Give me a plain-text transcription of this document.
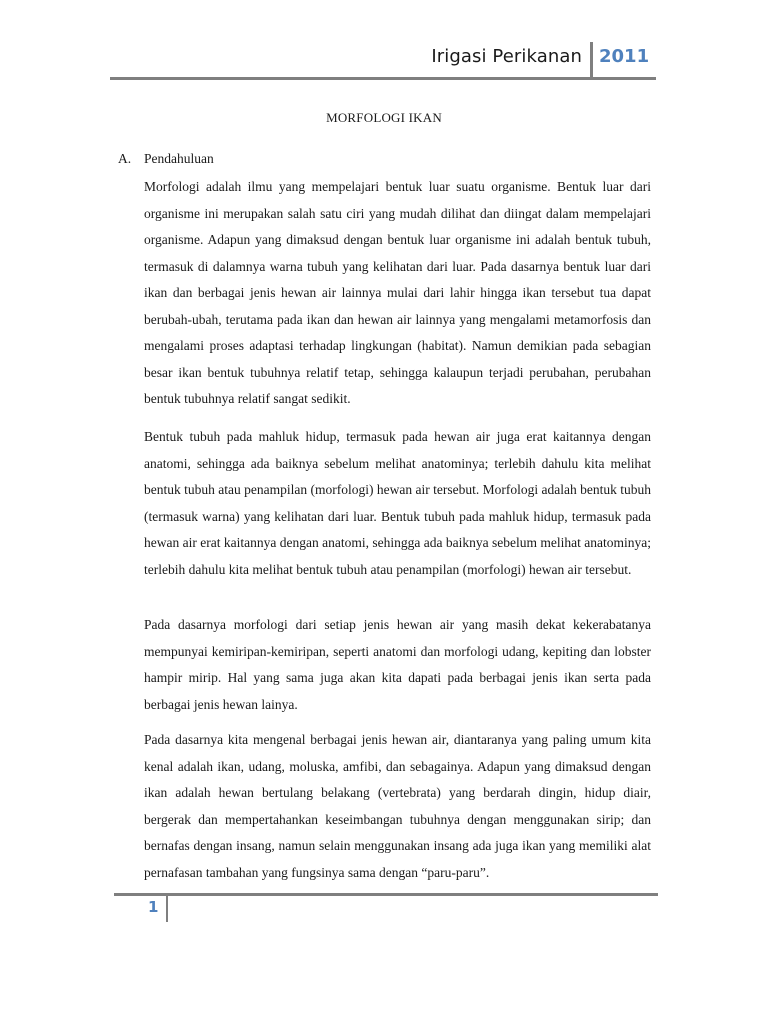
Irigasi Perikanan 2011
MORFOLOGI IKAN
A. Pendahuluan

Morfologi adalah ilmu yang mempelajari bentuk luar suatu organisme. Bentuk luar dari organisme ini merupakan salah satu ciri yang mudah dilihat dan diingat dalam mempelajari organisme. Adapun yang dimaksud dengan bentuk luar organisme ini adalah bentuk tubuh, termasuk di dalamnya warna tubuh yang kelihatan dari luar. Pada dasarnya bentuk luar dari ikan dan berbagai jenis hewan air lainnya mulai dari lahir hingga ikan tersebut tua dapat berubah-ubah, terutama pada ikan dan hewan air lainnya yang mengalami metamorfosis dan mengalami proses adaptasi terhadap lingkungan (habitat). Namun demikian pada sebagian besar ikan bentuk tubuhnya relatif tetap, sehingga kalaupun terjadi perubahan, perubahan bentuk tubuhnya relatif sangat sedikit.

Bentuk tubuh pada mahluk hidup, termasuk pada hewan air juga erat kaitannya dengan anatomi, sehingga ada baiknya sebelum melihat anatominya; terlebih dahulu kita melihat bentuk tubuh atau penampilan (morfologi) hewan air tersebut. Morfologi adalah bentuk tubuh (termasuk warna) yang kelihatan dari luar. Bentuk tubuh pada mahluk hidup, termasuk pada hewan air erat kaitannya dengan anatomi, sehingga ada baiknya sebelum melihat anatominya; terlebih dahulu kita melihat bentuk tubuh atau penampilan (morfologi) hewan air tersebut.

Pada dasarnya morfologi dari setiap jenis hewan air yang masih dekat kekerabatanya mempunyai kemiripan-kemiripan, seperti anatomi dan morfologi udang, kepiting dan lobster hampir mirip. Hal yang sama juga akan kita dapati pada berbagai jenis ikan serta pada berbagai jenis hewan lainya.

Pada dasarnya kita mengenal berbagai jenis hewan air, diantaranya yang paling umum kita kenal adalah ikan, udang, moluska, amfibi, dan sebagainya. Adapun yang dimaksud dengan ikan adalah hewan bertulang belakang (vertebrata) yang berdarah dingin, hidup diair, bergerak dan mempertahankan keseimbangan tubuhnya dengan menggunakan sirip; dan bernafas dengan insang, namun selain menggunakan insang ada juga ikan yang memiliki alat pernafasan tambahan yang fungsinya sama dengan “paru-paru”.

1
